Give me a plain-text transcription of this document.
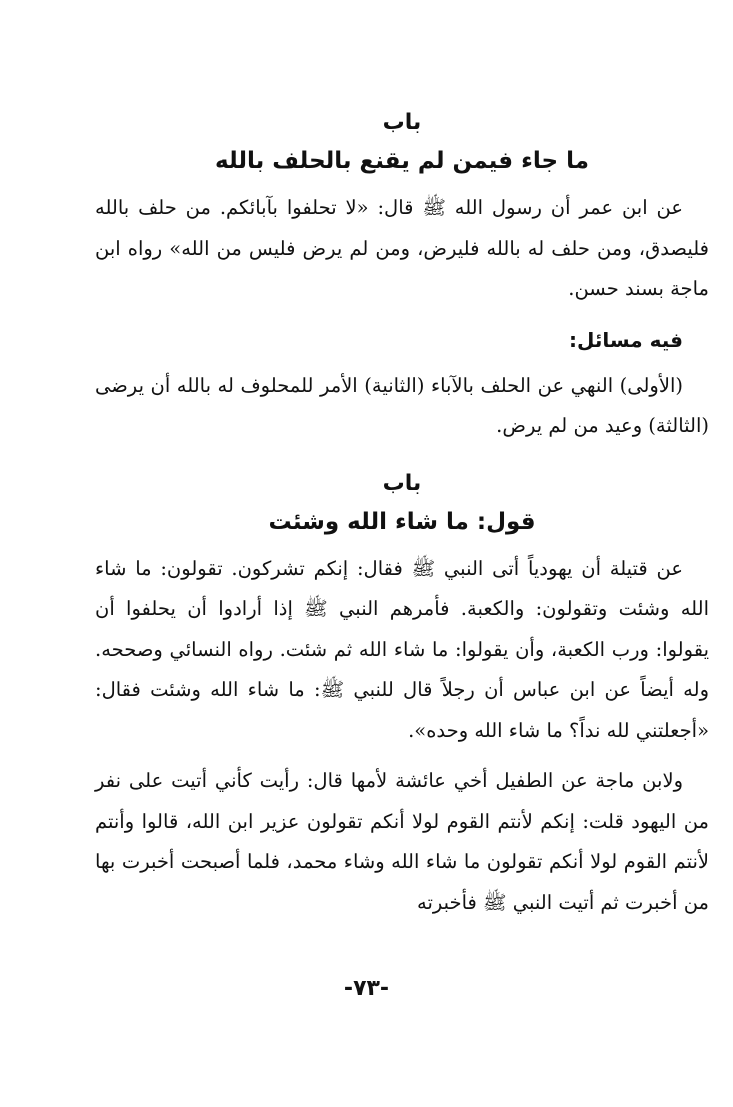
باب
ما جاء فيمن لم يقنع بالحلف بالله

عن ابن عمر أن رسول الله ﷺ قال: «لا تحلفوا بآبائكم. من حلف بالله فليصدق، ومن حلف له بالله فليرض، ومن لم يرض فليس من الله» رواه ابن ماجة بسند حسن.

فيه مسائل:

(الأولى) النهي عن الحلف بالآباء (الثانية) الأمر للمحلوف له بالله أن يرضى (الثالثة) وعيد من لم يرض.

باب
قول: ما شاء الله وشئت

عن قتيلة أن يهودياً أتى النبي ﷺ فقال: إنكم تشركون. تقولون: ما شاء الله وشئت وتقولون: والكعبة. فأمرهم النبي ﷺ إذا أرادوا أن يحلفوا أن يقولوا: ورب الكعبة، وأن يقولوا: ما شاء الله ثم شئت. رواه النسائي وصححه. وله أيضاً عن ابن عباس أن رجلاً قال للنبي ﷺ: ما شاء الله وشئت فقال: «أجعلتني لله نداً؟ ما شاء الله وحده».

ولابن ماجة عن الطفيل أخي عائشة لأمها قال: رأيت كأني أتيت على نفر من اليهود قلت: إنكم لأنتم القوم لولا أنكم تقولون عزير ابن الله، قالوا وأنتم لأنتم القوم لولا أنكم تقولون ما شاء الله وشاء محمد، فلما أصبحت أخبرت بها من أخبرت ثم أتيت النبي ﷺ فأخبرته

-٧٣-
